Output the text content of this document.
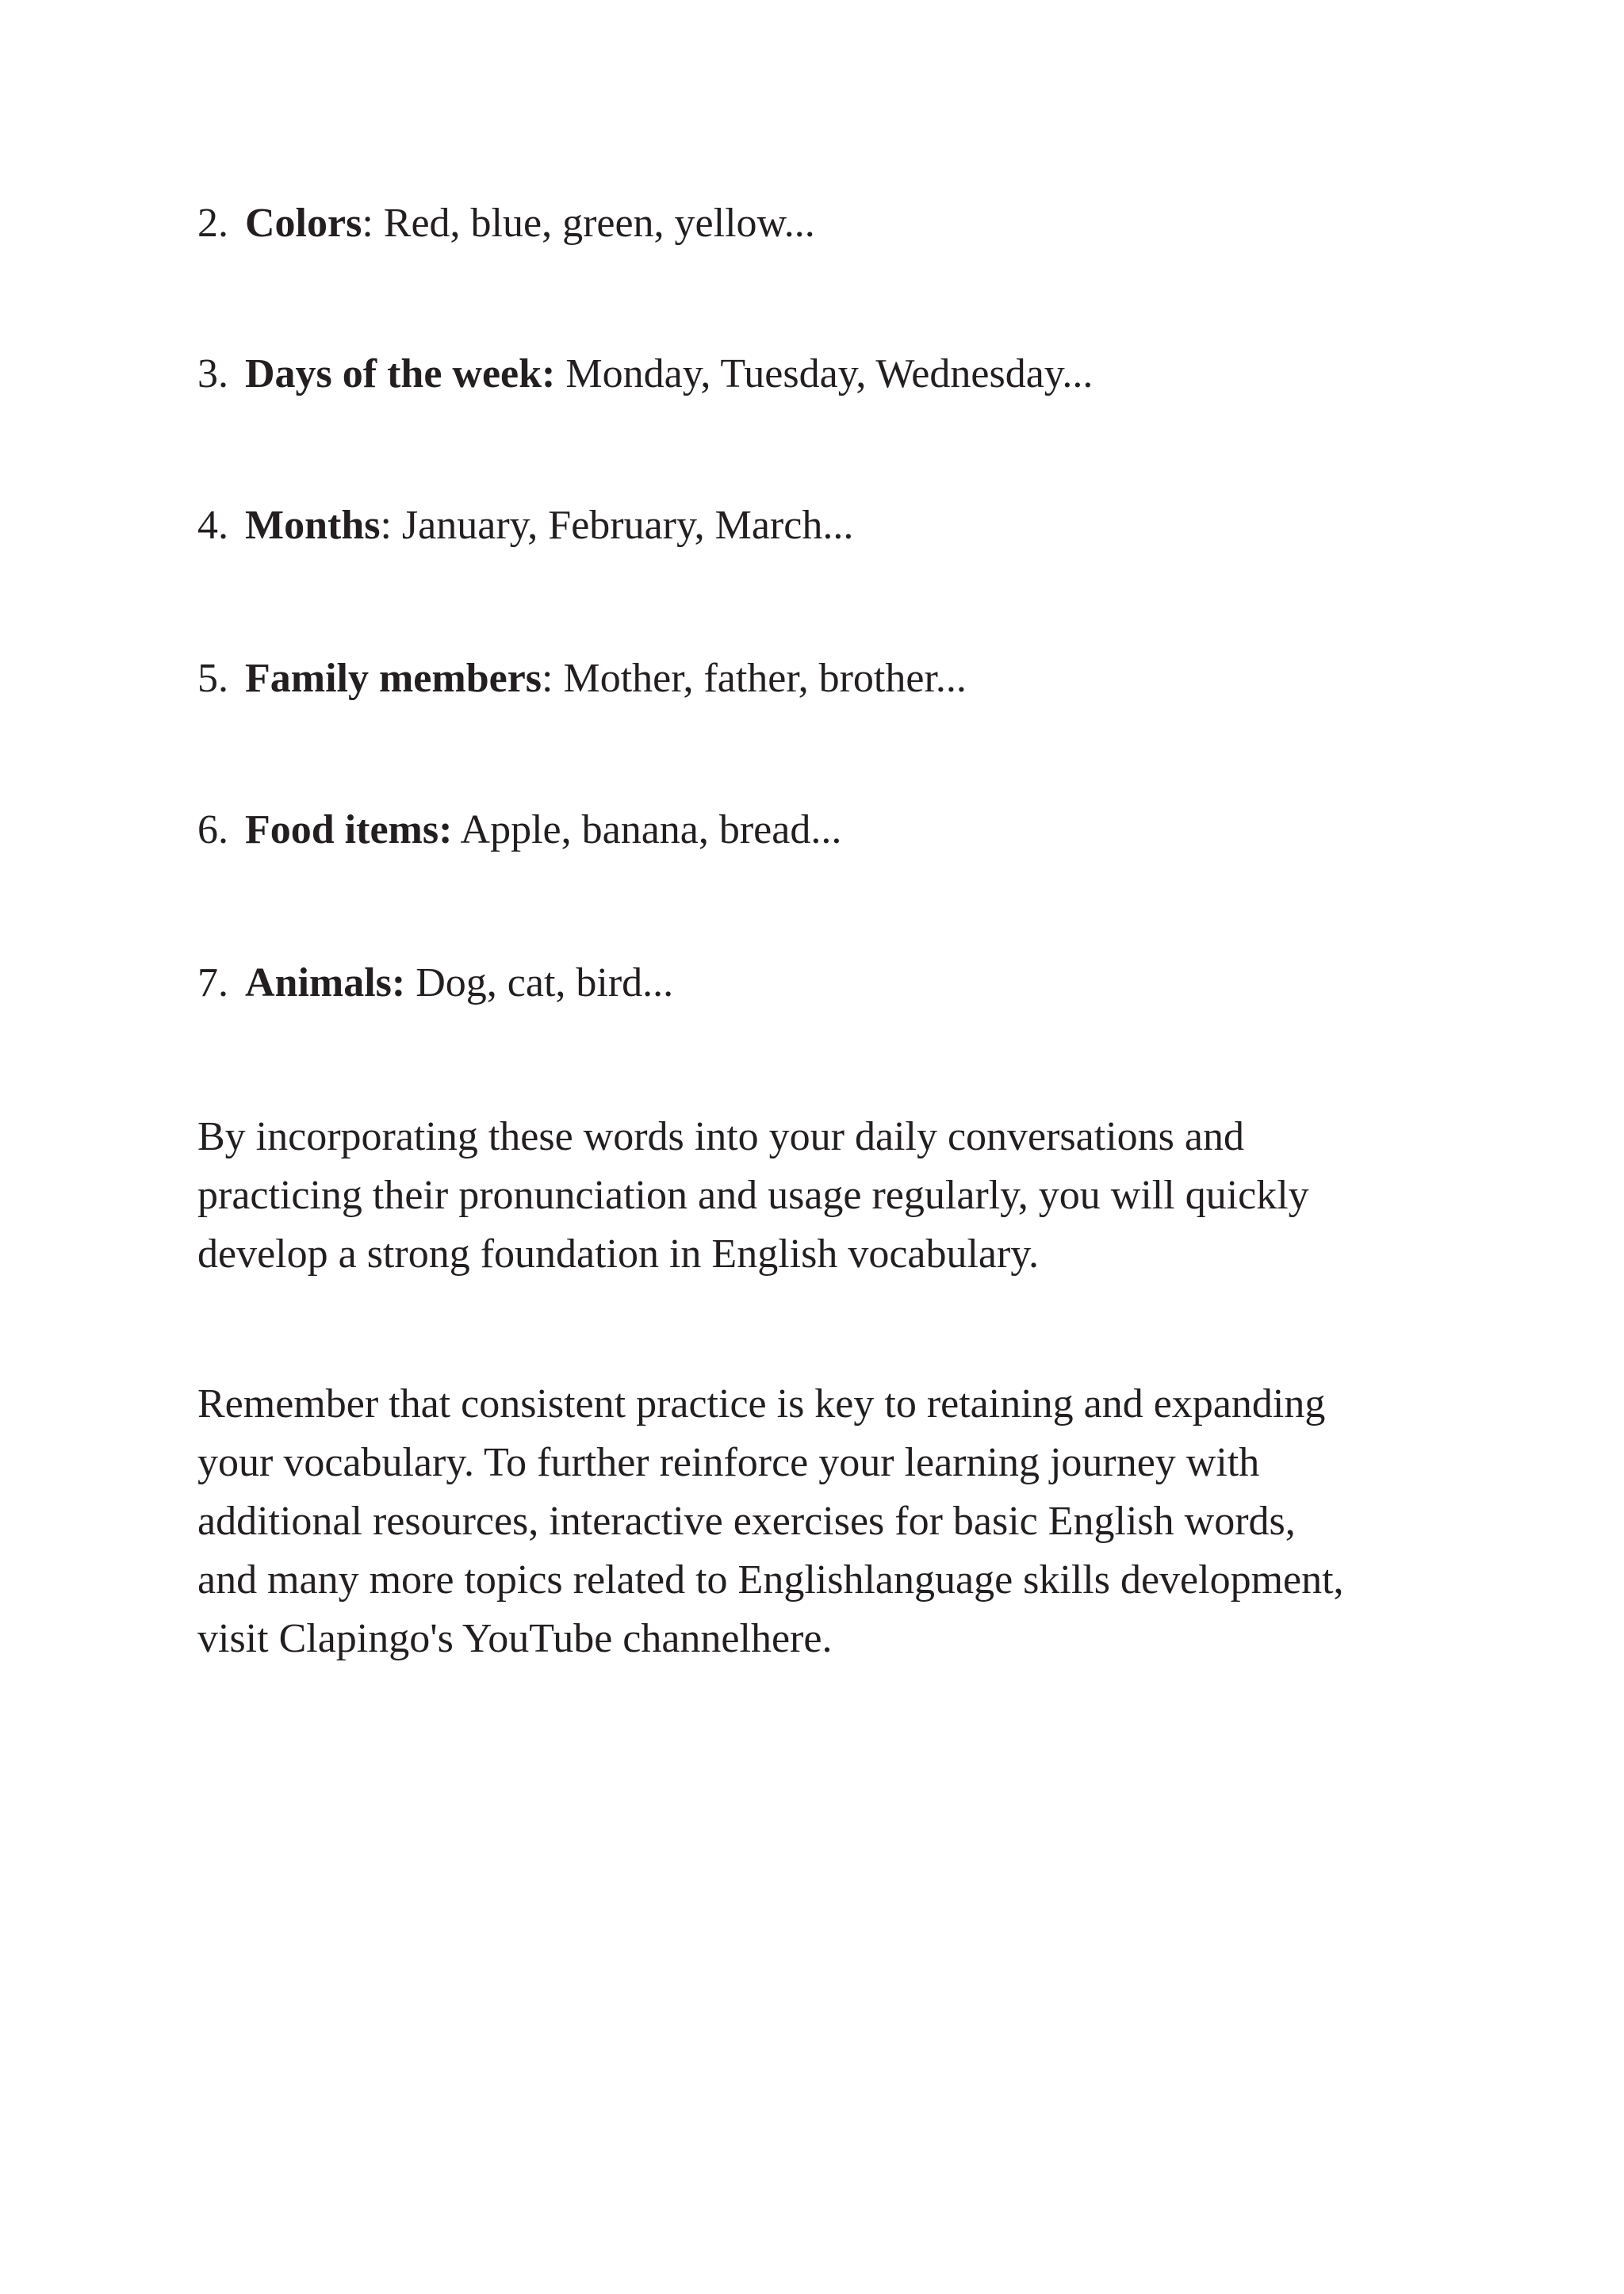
2. Colors: Red, blue, green, yellow...
3. Days of the week: Monday, Tuesday, Wednesday...
4. Months: January, February, March...
5. Family members: Mother, father, brother...
6. Food items: Apple, banana, bread...
7. Animals: Dog, cat, bird...
By incorporating these words into your daily conversations and
practicing their pronunciation and usage regularly, you will quickly
develop a strong foundation in English vocabulary.
Remember that consistent practice is key to retaining and expanding
your vocabulary. To further reinforce your learning journey with
additional resources, interactive exercises for basic English words,
and many more topics related to Englishlanguage skills development,
visit Clapingo's YouTube channelhere.
